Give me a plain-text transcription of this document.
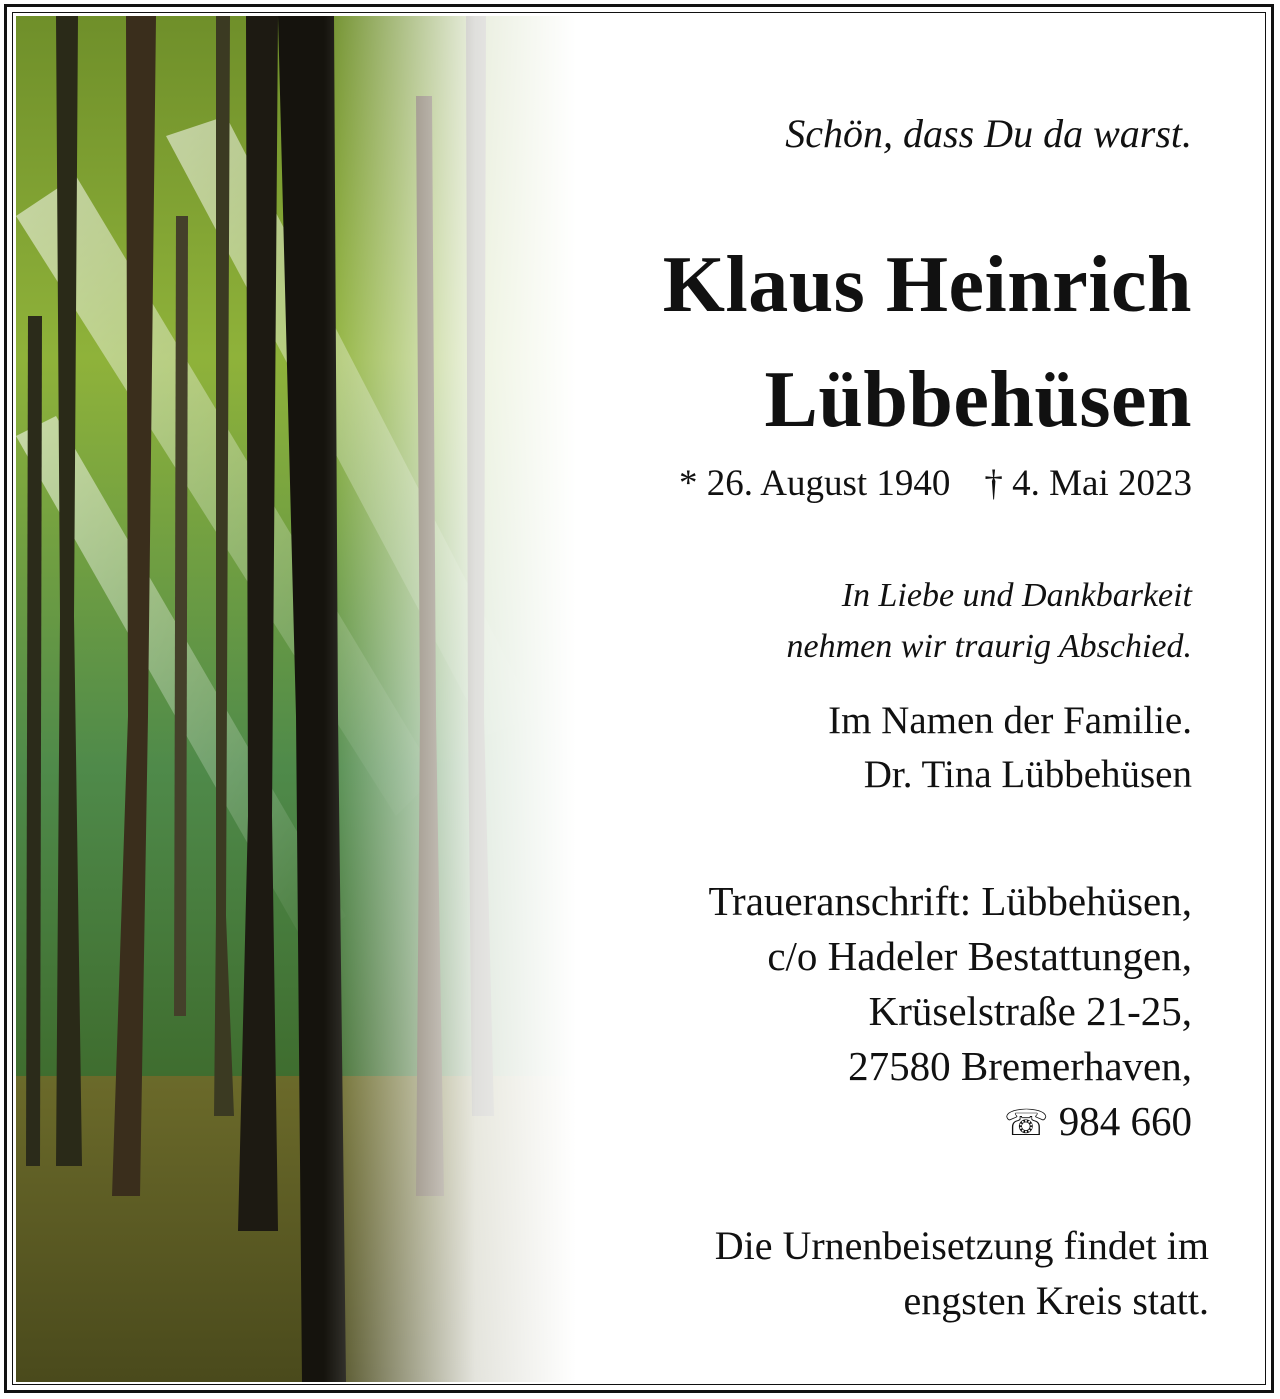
Schön, dass Du da warst.
Klaus Heinrich
Lübbehüsen
* 26. August 1940 † 4. Mai 2023
In Liebe und Dankbarkeit
nehmen wir traurig Abschied.
Im Namen der Familie.
Dr. Tina Lübbehüsen
Traueranschrift: Lübbehüsen,
c/o Hadeler Bestattungen,
Krüselstraße 21-25,
27580 Bremerhaven,
☏ 984 660
Die Urnenbeisetzung findet im
engsten Kreis statt.
